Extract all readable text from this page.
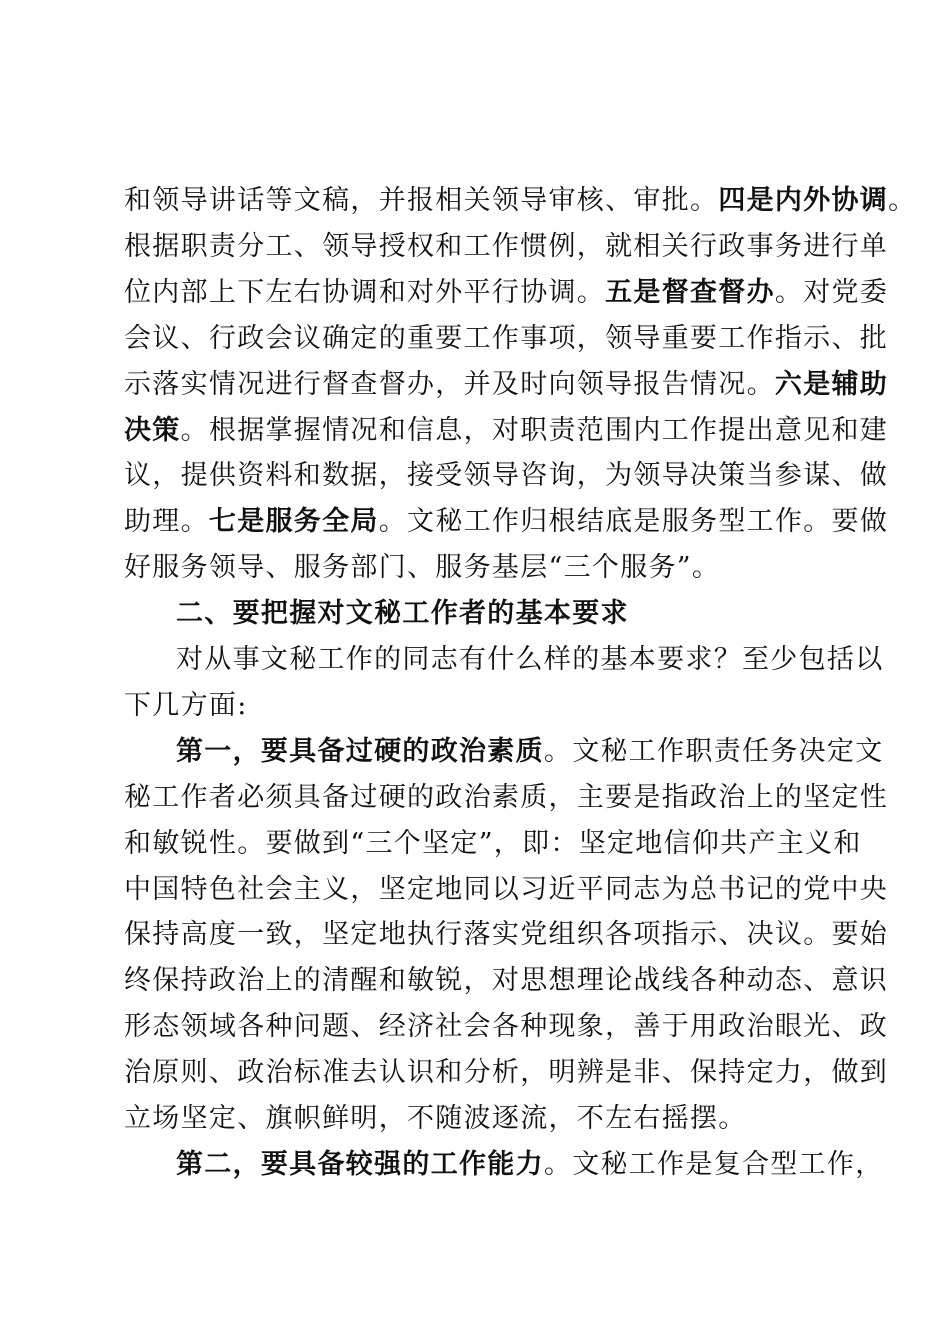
和领导讲话等文稿，并报相关领导审核、审批。四是内外协调。
根据职责分工、领导授权和工作惯例，就相关行政事务进行单
位内部上下左右协调和对外平行协调。五是督查督办。对党委
会议、行政会议确定的重要工作事项，领导重要工作指示、批
示落实情况进行督查督办，并及时向领导报告情况。六是辅助
决策。根据掌握情况和信息，对职责范围内工作提出意见和建
议，提供资料和数据，接受领导咨询，为领导决策当参谋、做
助理。七是服务全局。文秘工作归根结底是服务型工作。要做
好服务领导、服务部门、服务基层“三个服务”。
二、要把握对文秘工作者的基本要求
对从事文秘工作的同志有什么样的基本要求？至少包括以
下几方面:
第一，要具备过硬的政治素质。文秘工作职责任务决定文
秘工作者必须具备过硬的政治素质，主要是指政治上的坚定性
和敏锐性。要做到“三个坚定”，即：坚定地信仰共产主义和
中国特色社会主义，坚定地同以习近平同志为总书记的党中央
保持高度一致，坚定地执行落实党组织各项指示、决议。要始
终保持政治上的清醒和敏锐，对思想理论战线各种动态、意识
形态领域各种问题、经济社会各种现象，善于用政治眼光、政
治原则、政治标准去认识和分析，明辨是非、保持定力，做到
立场坚定、旗帜鲜明，不随波逐流，不左右摇摆。
第二，要具备较强的工作能力。文秘工作是复合型工作，
